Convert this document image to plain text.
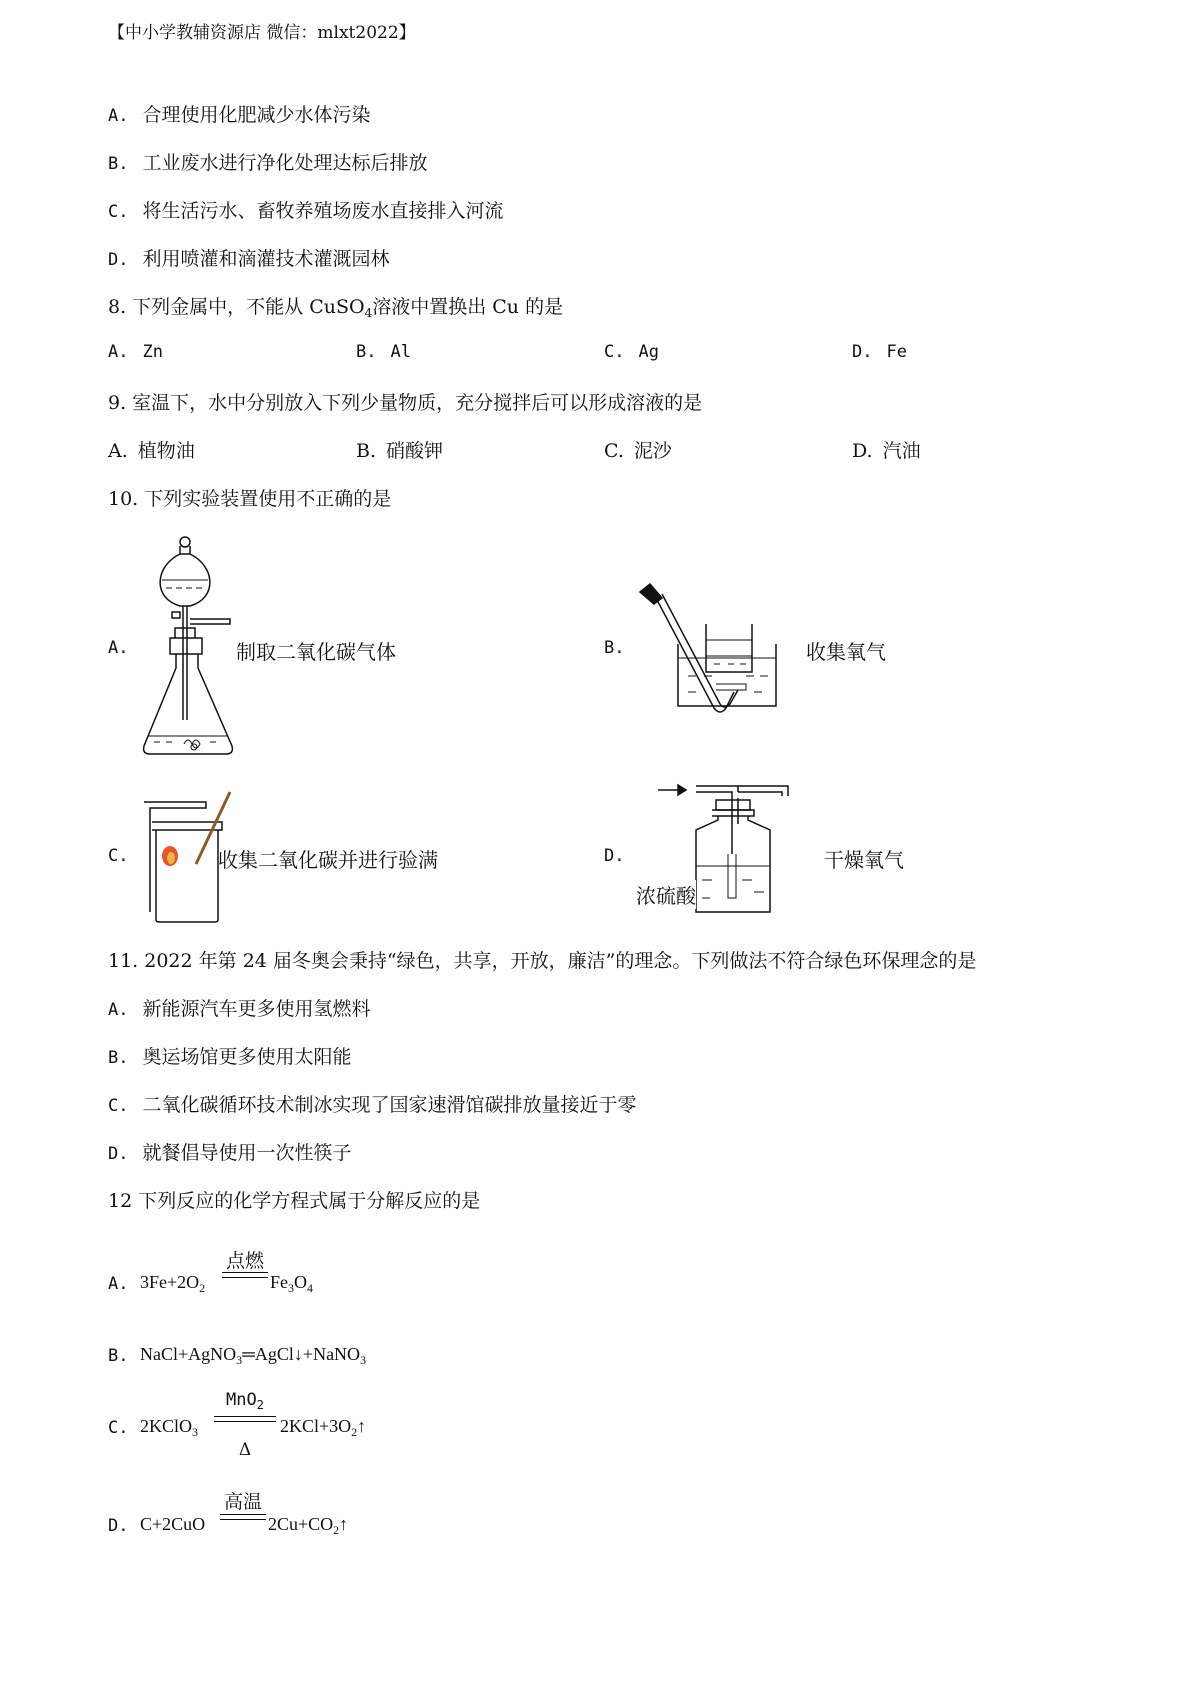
【中小学教辅资源店 微信：mlxt2022】
A. 合理使用化肥减少水体污染
B. 工业废水进行净化处理达标后排放
C. 将生活污水、畜牧养殖场废水直接排入河流
D. 利用喷灌和滴灌技术灌溉园林
8. 下列金属中，不能从 CuSO$_4$溶液中置换出 Cu 的是
A. Zn	B. Al	C. Ag	D. Fe
9. 室温下，水中分别放入下列少量物质，充分搅拌后可以形成溶液的是
A. 植物油	B. 硝酸钾	C. 泥沙	D. 汽油
10. 下列实验装置使用不正确的是
A.	制取二氧化碳气体	B.	收集氧气
C.	收集二氧化碳并进行验满	D.
浓硫酸
干燥氧气
11. 2022 年第 24 届冬奥会秉持“绿色，共享，开放，廉洁”的理念。下列做法不符合绿色环保理念的是
A. 新能源汽车更多使用氢燃料
B. 奥运场馆更多使用太阳能
C. 二氧化碳循环技术制冰实现了国家速滑馆碳排放量接近于零
D. 就餐倡导使用一次性筷子
12 下列反应的化学方程式属于分解反应的是
A. $3Fe+2O_2$
点燃
$Fe_3O_4$
B. NaCl+AgNO$_3$═AgCl↓+NaNO$_3$
C. 2KClO$_3$
MnO$_2$
Δ
$2KCl+3O_2↑$
D. C+2CuO
高温
$2Cu+CO_2↑$
